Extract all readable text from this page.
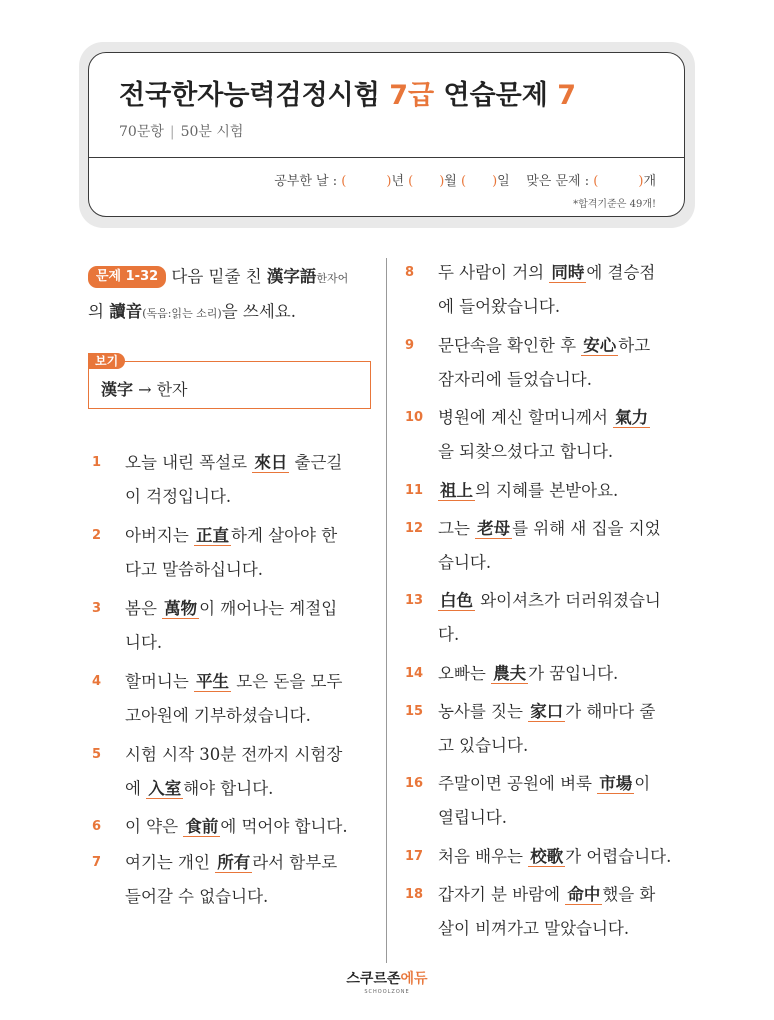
전국한자능력검정시험 7급 연습문제 7
70문항 | 50분 시험
공부한 날 : (	)년 ( )월 ( )일 맞은 문제 : (	)개
*합격기준은 49개!
문제 1-32 다음 밑줄 친 漢字語한자어
의 讀音(독음:읽는 소리)을 쓰세요.
漢字 → 한자
보기
1 오늘 내린 폭설로 來日 출근길
이 걱정입니다.
2 아버지는 正直 하게 살아야 한
다고 말씀하십니다.
3 봄은 萬物 이 깨어나는 계절입
니다.
4 할머니는 平生 모은 돈을 모두
고아원에 기부하셨습니다.
5 시험 시작 30분 전까지 시험장
에 入室 해야 합니다.
6 이 약은 食前 에 먹어야 합니다.
7 여기는 개인 所有 라서 함부로
들어갈 수 없습니다.
8 두 사람이 거의 同時 에 결승점
에 들어왔습니다.
9 문단속을 확인한 후 安心 하고
잠자리에 들었습니다.
10 병원에 계신 할머니께서 氣力
을 되찾으셨다고 합니다.
11 祖上 의 지혜를 본받아요.
12 그는 老母 를 위해 새 집을 지었
습니다.
13 白色 와이셔츠가 더러워졌습니
다.
14 오빠는 農夫 가 꿈입니다.
15 농사를 짓는 家口 가 해마다 줄
고 있습니다.
16 주말이면 공원에 벼룩 市場 이
열립니다.
17 처음 배우는 校歌 가 어렵습니다.
18 갑자기 분 바람에 命中 했을 화
살이 비껴가고 말았습니다.
스쿠르존에듀
SCHOOLZONE
